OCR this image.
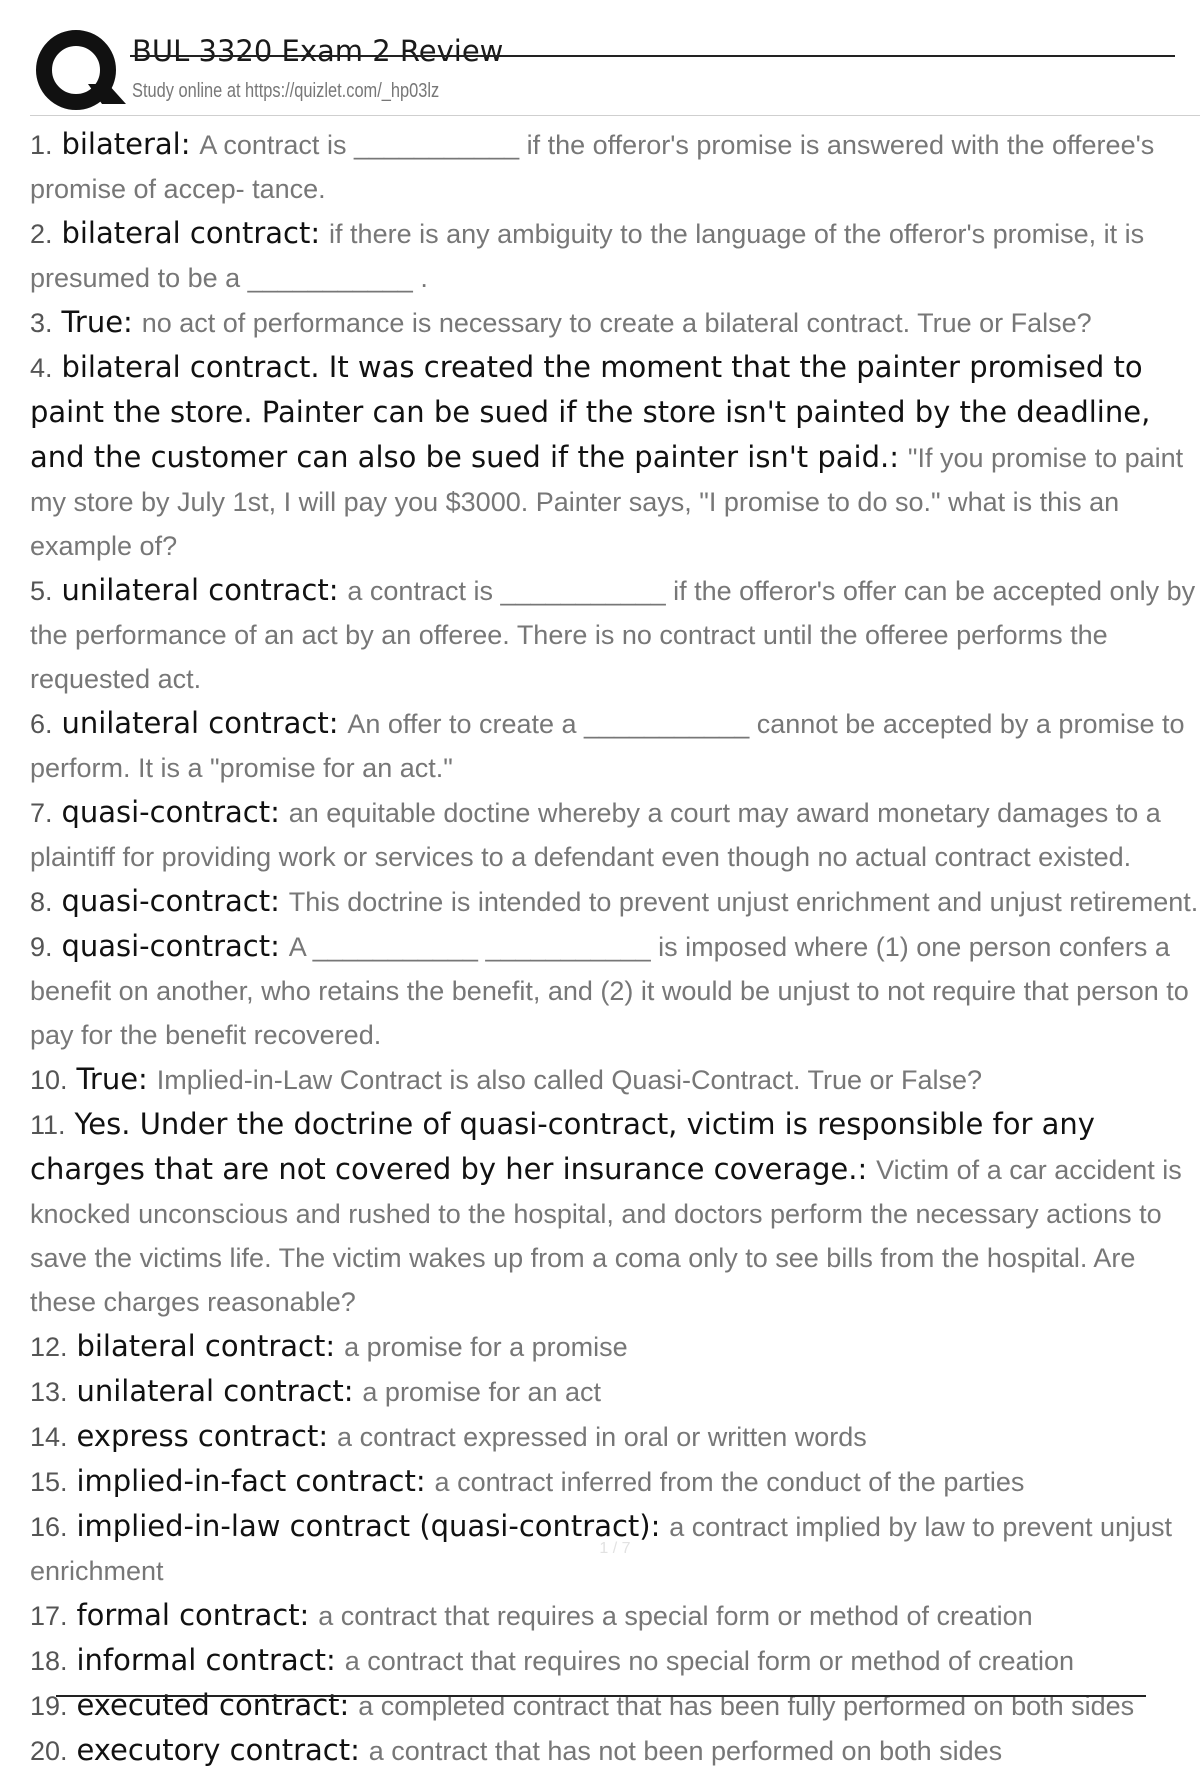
BUL 3320 Exam 2 Review
Study online at https://quizlet.com/_hp03lz
1. bilateral: A contract is ___________ if the offeror's promise is answered with the offeree's promise of accep- tance.
2. bilateral contract: if there is any ambiguity to the language of the offeror's promise, it is presumed to be a ___________ .
3. True: no act of performance is necessary to create a bilateral contract. True or False?
4. bilateral contract. It was created the moment that the painter promised to paint the store. Painter can be sued if the store isn't painted by the deadline, and the customer can also be sued if the painter isn't paid.: "If you promise to paint my store by July 1st, I will pay you $3000. Painter says, "I promise to do so." what is this an example of?
5. unilateral contract: a contract is ___________ if the offeror's offer can be accepted only by the performance of an act by an offeree. There is no contract until the offeree performs the requested act.
6. unilateral contract: An offer to create a ___________ cannot be accepted by a promise to perform. It is a "promise for an act."
7. quasi-contract: an equitable doctine whereby a court may award monetary damages to a plaintiff for providing work or services to a defendant even though no actual contract existed.
8. quasi-contract: This doctrine is intended to prevent unjust enrichment and unjust retirement.
9. quasi-contract: A ___________ ___________ is imposed where (1) one person confers a benefit on another, who retains the benefit, and (2) it would be unjust to not require that person to pay for the benefit recovered.
10. True: Implied-in-Law Contract is also called Quasi-Contract. True or False?
11. Yes. Under the doctrine of quasi-contract, victim is responsible for any charges that are not covered by her insurance coverage.: Victim of a car accident is knocked unconscious and rushed to the hospital, and doctors perform the necessary actions to save the victims life. The victim wakes up from a coma only to see bills from the hospital. Are these charges reasonable?
12. bilateral contract: a promise for a promise
13. unilateral contract: a promise for an act
14. express contract: a contract expressed in oral or written words
15. implied-in-fact contract: a contract inferred from the conduct of the parties
16. implied-in-law contract (quasi-contract): a contract implied by law to prevent unjust enrichment
17. formal contract: a contract that requires a special form or method of creation
18. informal contract: a contract that requires no special form or method of creation
19. executed contract: a completed contract that has been fully performed on both sides
20. executory contract: a contract that has not been performed on both sides
1 / 7
